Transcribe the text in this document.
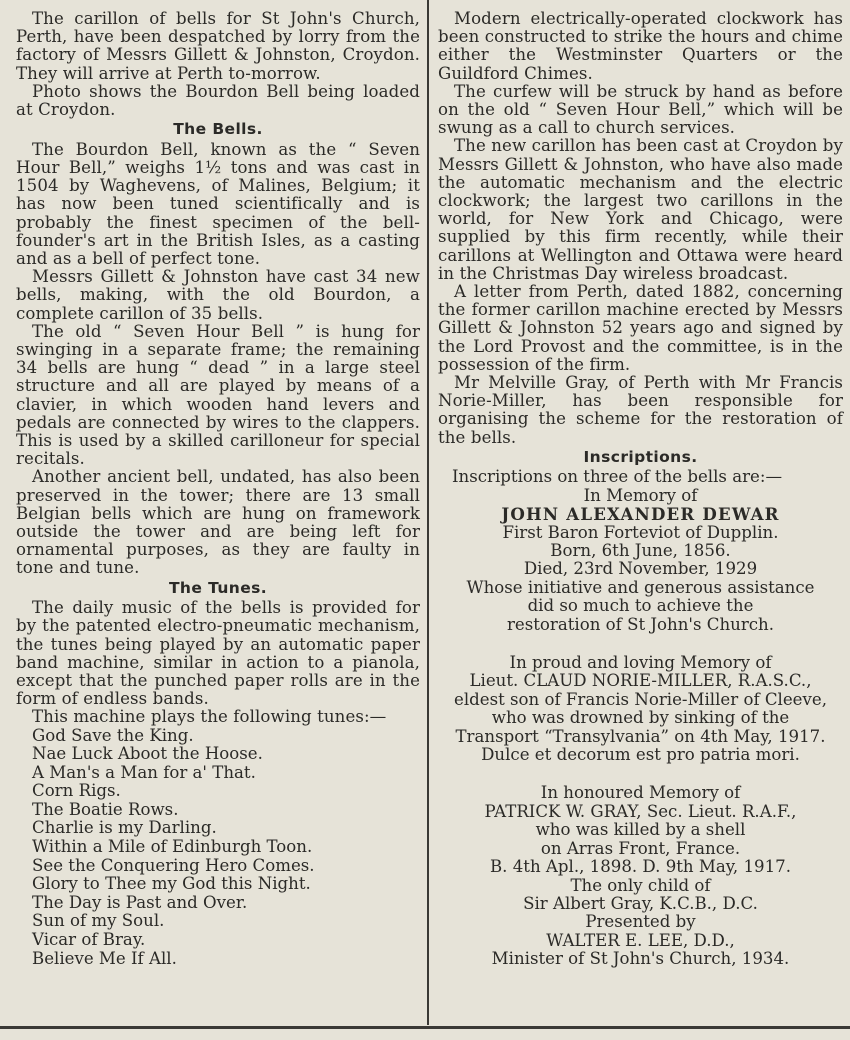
The carillon of bells for St John's Church, Perth, have been despatched by lorry from the factory of Messrs Gillett & Johnston, Croydon. They will arrive at Perth to-morrow.

Photo shows the Bourdon Bell being loaded at Croydon.

The Bells.

The Bourdon Bell, known as the “ Seven Hour Bell,” weighs 1½ tons and was cast in 1504 by Waghevens, of Malines, Belgium; it has now been tuned scientifically and is probably the finest specimen of the bell-founder's art in the British Isles, as a casting and as a bell of perfect tone.

Messrs Gillett & Johnston have cast 34 new bells, making, with the old Bourdon, a complete carillon of 35 bells.

The old “ Seven Hour Bell ” is hung for swinging in a separate frame; the remaining 34 bells are hung “ dead ” in a large steel structure and all are played by means of a clavier, in which wooden hand levers and pedals are connected by wires to the clappers. This is used by a skilled carilloneur for special recitals.

Another ancient bell, undated, has also been preserved in the tower; there are 13 small Belgian bells which are hung on framework outside the tower and are being left for ornamental purposes, as they are faulty in tone and tune.

The Tunes.

The daily music of the bells is provided for by the patented electro-pneumatic mechanism, the tunes being played by an automatic paper band machine, similar in action to a pianola, except that the punched paper rolls are in the form of endless bands.

This machine plays the following tunes:—

God Save the King.
Nae Luck Aboot the Hoose.
A Man's a Man for a' That.
Corn Rigs.
The Boatie Rows.
Charlie is my Darling.
Within a Mile of Edinburgh Toon.
See the Conquering Hero Comes.
Glory to Thee my God this Night.
The Day is Past and Over.
Sun of my Soul.
Vicar of Bray.
Believe Me If All.

Modern electrically-operated clockwork has been constructed to strike the hours and chime either the Westminster Quarters or the Guildford Chimes.

The curfew will be struck by hand as before on the old “ Seven Hour Bell,” which will be swung as a call to church services.

The new carillon has been cast at Croydon by Messrs Gillett & Johnston, who have also made the automatic mechanism and the electric clockwork; the largest two carillons in the world, for New York and Chicago, were supplied by this firm recently, while their carillons at Wellington and Ottawa were heard in the Christmas Day wireless broadcast.

A letter from Perth, dated 1882, concerning the former carillon machine erected by Messrs Gillett & Johnston 52 years ago and signed by the Lord Provost and the committee, is in the possession of the firm.

Mr Melville Gray, of Perth with Mr Francis Norie-Miller, has been responsible for organising the scheme for the restoration of the bells.

Inscriptions.
Inscriptions on three of the bells are:—
In Memory of
JOHN ALEXANDER DEWAR
First Baron Forteviot of Dupplin.
Born, 6th June, 1856.
Died, 23rd November, 1929
Whose initiative and generous assistance
did so much to achieve the
restoration of St John's Church.
In proud and loving Memory of
Lieut. CLAUD NORIE-MILLER, R.A.S.C.,
eldest son of Francis Norie-Miller of Cleeve,
who was drowned by sinking of the
Transport “Transylvania” on 4th May, 1917.
Dulce et decorum est pro patria mori.
In honoured Memory of
PATRICK W. GRAY, Sec. Lieut. R.A.F.,
who was killed by a shell
on Arras Front, France.
B. 4th Apl., 1898. D. 9th May, 1917.
The only child of
Sir Albert Gray, K.C.B., D.C.
Presented by
WALTER E. LEE, D.D.,
Minister of St John's Church, 1934.
